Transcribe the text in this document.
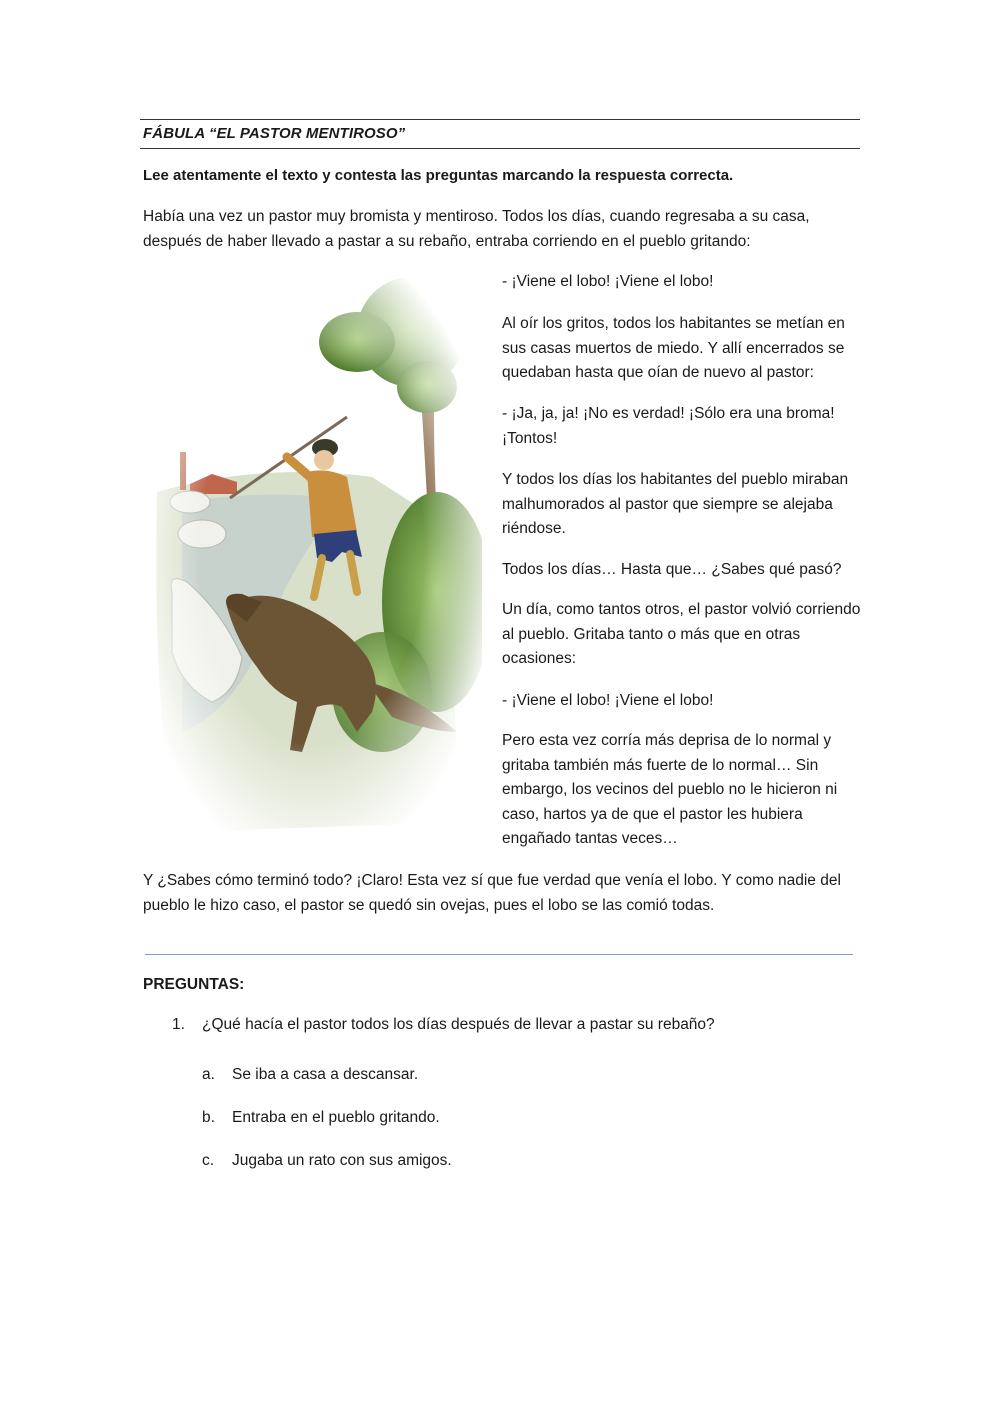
FÁBULA “EL PASTOR MENTIROSO”
Lee atentamente el texto y contesta las preguntas marcando la respuesta correcta.

Había una vez un pastor muy bromista y mentiroso. Todos los días, cuando regresaba a su casa,
después de haber llevado a pastar a su rebaño, entraba corriendo en el pueblo gritando:

- ¡Viene el lobo! ¡Viene el lobo!

Al oír los gritos, todos los habitantes se metían en
sus casas muertos de miedo. Y allí encerrados se
quedaban hasta que oían de nuevo al pastor:

- ¡Ja, ja, ja! ¡No es verdad! ¡Sólo era una broma!
¡Tontos!

Y todos los días los habitantes del pueblo miraban
malhumorados al pastor que siempre se alejaba
riéndose.

Todos los días… Hasta que… ¿Sabes qué pasó?

Un día, como tantos otros, el pastor volvió corriendo
al pueblo. Gritaba tanto o más que en otras
ocasiones:

- ¡Viene el lobo! ¡Viene el lobo!

Pero esta vez corría más deprisa de lo normal y
gritaba también más fuerte de lo normal… Sin
embargo, los vecinos del pueblo no le hicieron ni
caso, hartos ya de que el pastor les hubiera
engañado tantas veces…

Y ¿Sabes cómo terminó todo? ¡Claro! Esta vez sí que fue verdad que venía el lobo. Y como nadie del
pueblo le hizo caso, el pastor se quedó sin ovejas, pues el lobo se las comió todas.

PREGUNTAS:
1. ¿Qué hacía el pastor todos los días después de llevar a pastar su rebaño?
a. Se iba a casa a descansar.
b. Entraba en el pueblo gritando.
c. Jugaba un rato con sus amigos.
